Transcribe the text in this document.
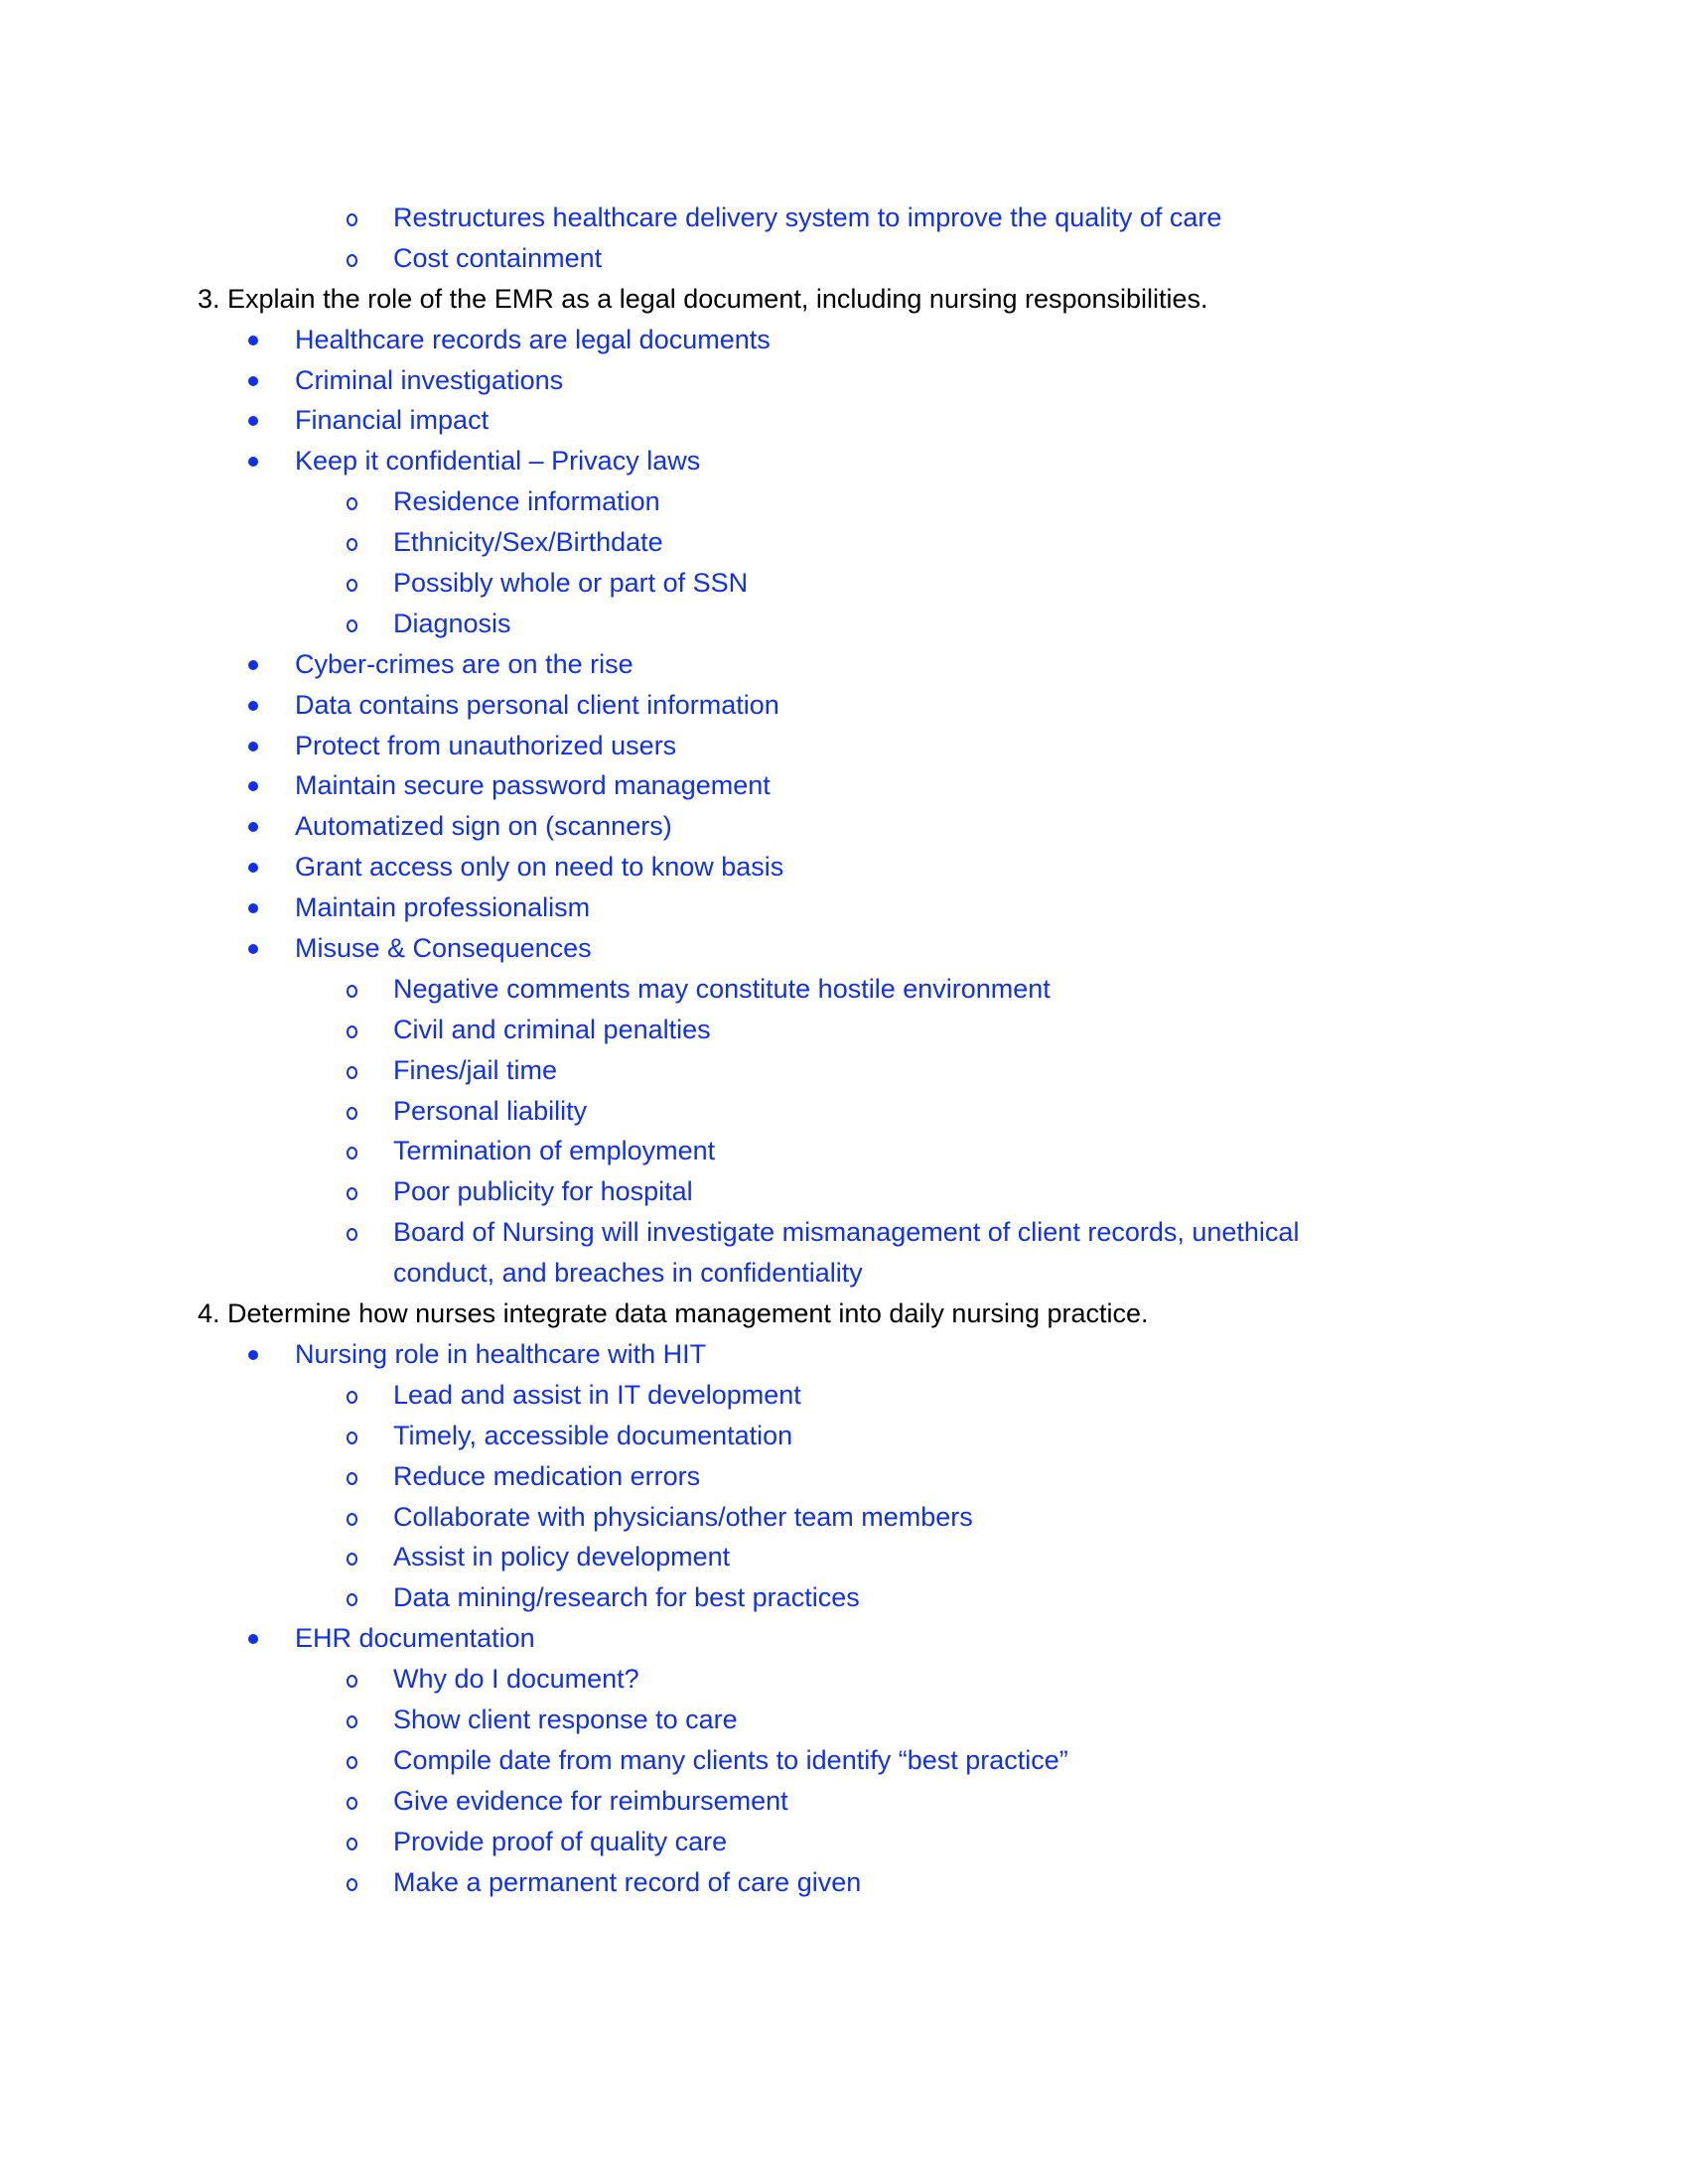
Restructures healthcare delivery system to improve the quality of care
Cost containment
3. Explain the role of the EMR as a legal document, including nursing responsibilities.
Healthcare records are legal documents
Criminal investigations
Financial impact
Keep it confidential – Privacy laws
Residence information
Ethnicity/Sex/Birthdate
Possibly whole or part of SSN
Diagnosis
Cyber-crimes are on the rise
Data contains personal client information
Protect from unauthorized users
Maintain secure password management
Automatized sign on (scanners)
Grant access only on need to know basis
Maintain professionalism
Misuse & Consequences
Negative comments may constitute hostile environment
Civil and criminal penalties
Fines/jail time
Personal liability
Termination of employment
Poor publicity for hospital
Board of Nursing will investigate mismanagement of client records, unethical
conduct, and breaches in confidentiality
4. Determine how nurses integrate data management into daily nursing practice.
Nursing role in healthcare with HIT
Lead and assist in IT development
Timely, accessible documentation
Reduce medication errors
Collaborate with physicians/other team members
Assist in policy development
Data mining/research for best practices
EHR documentation
Why do I document?
Show client response to care
Compile date from many clients to identify “best practice”
Give evidence for reimbursement
Provide proof of quality care
Make a permanent record of care given
